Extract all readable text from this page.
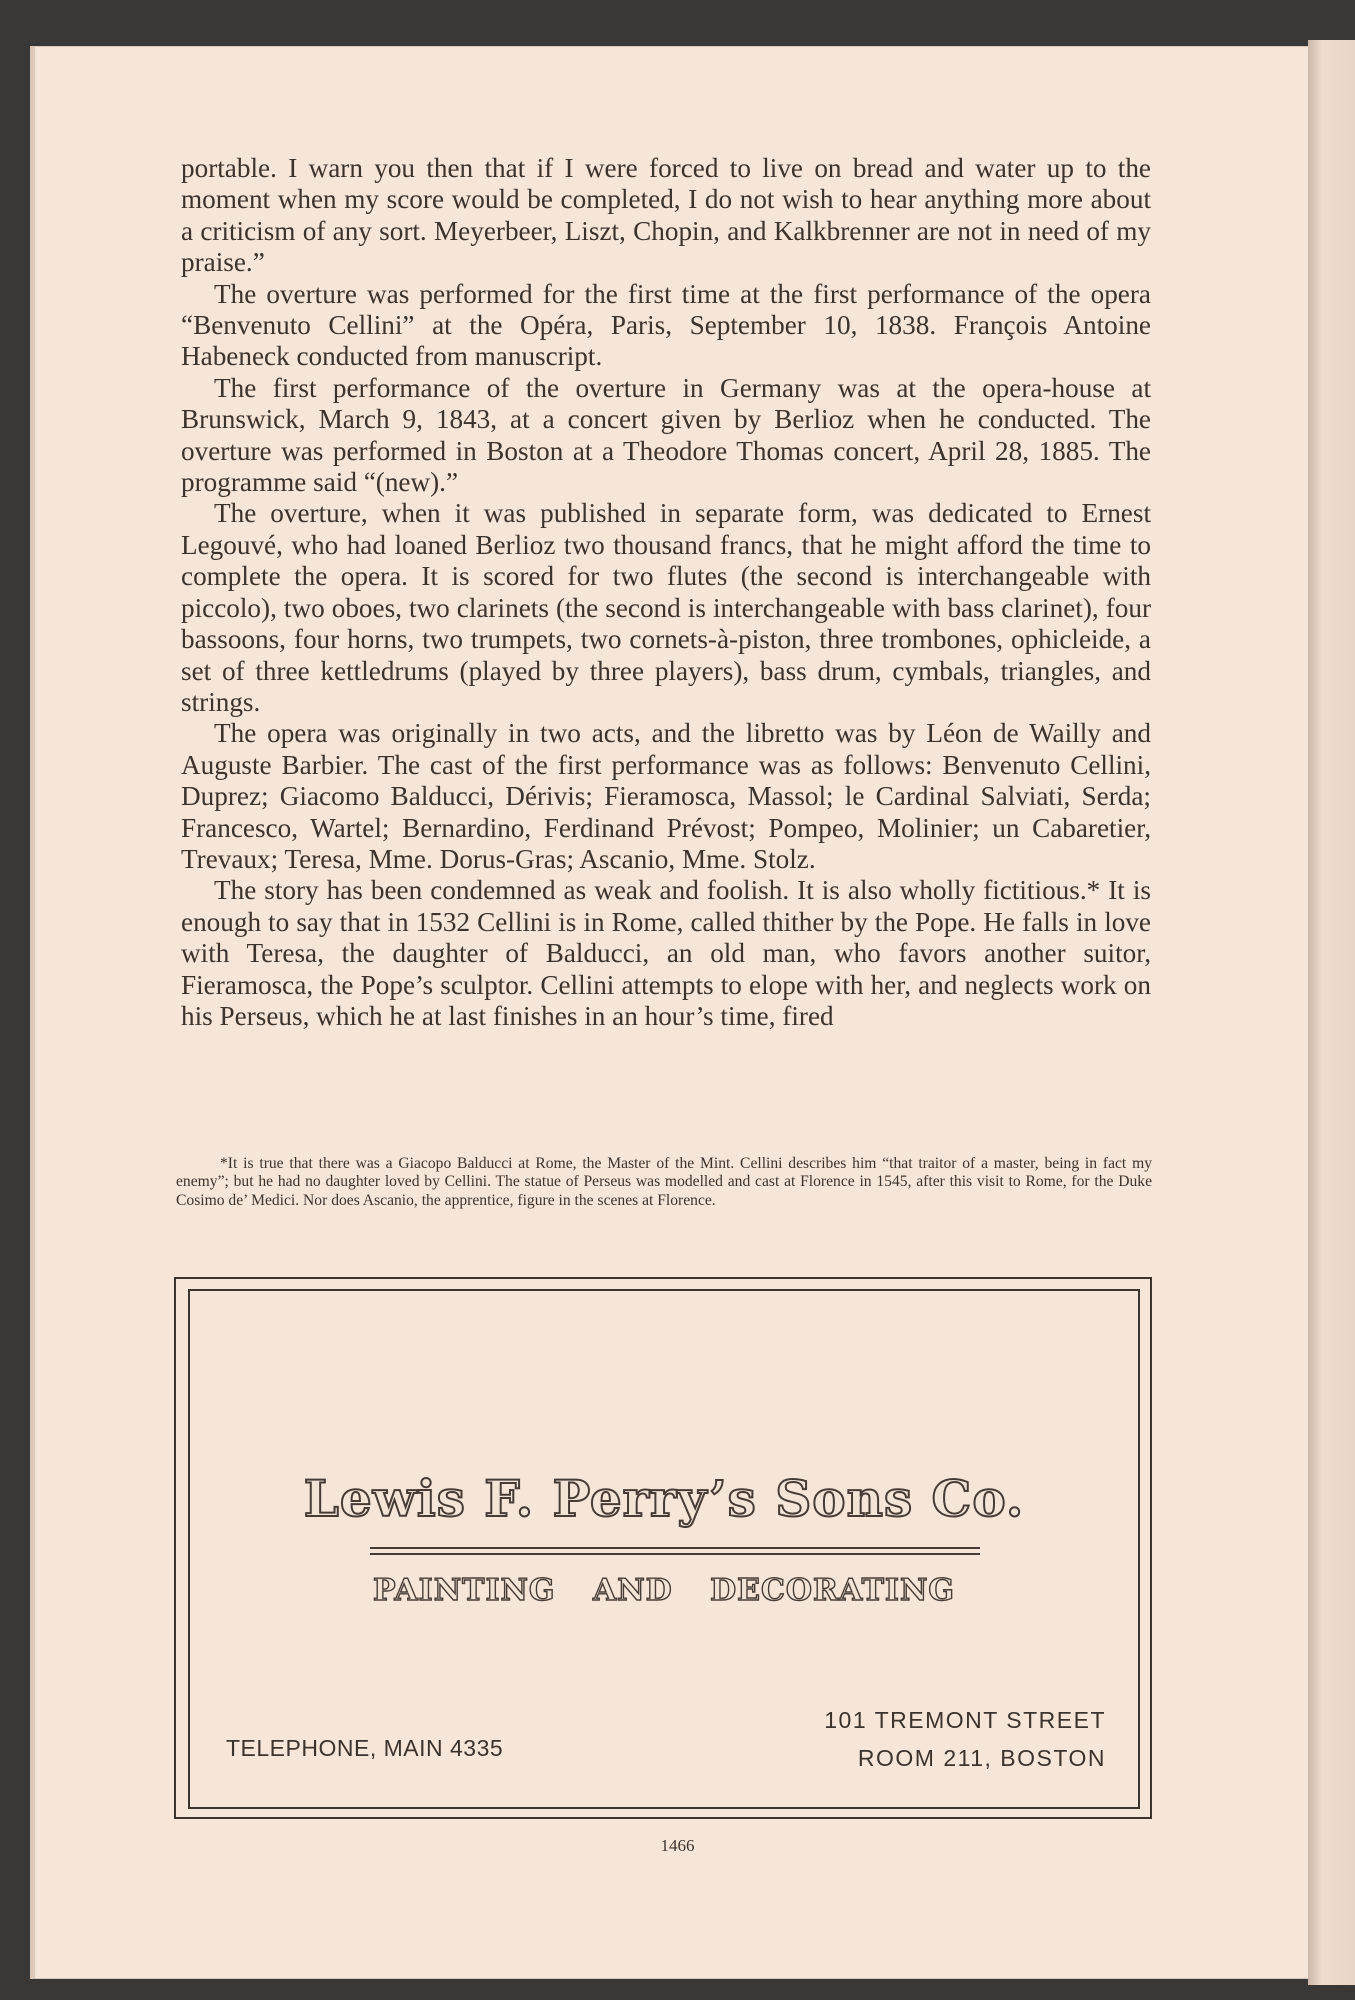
portable. I warn you then that if I were forced to live on bread and water up to the moment when my score would be completed, I do not wish to hear anything more about a criticism of any sort. Meyerbeer, Liszt, Chopin, and Kalkbrenner are not in need of my praise.”

The overture was performed for the first time at the first performance of the opera “Benvenuto Cellini” at the Opéra, Paris, September 10, 1838. François Antoine Habeneck conducted from manuscript.

The first performance of the overture in Germany was at the opera-house at Brunswick, March 9, 1843, at a concert given by Berlioz when he conducted. The overture was performed in Boston at a Theodore Thomas concert, April 28, 1885. The programme said “(new).”

The overture, when it was published in separate form, was dedicated to Ernest Legouvé, who had loaned Berlioz two thousand francs, that he might afford the time to complete the opera. It is scored for two flutes (the second is interchangeable with piccolo), two oboes, two clarinets (the second is interchangeable with bass clarinet), four bassoons, four horns, two trumpets, two cornets-à-piston, three trombones, ophicleide, a set of three kettledrums (played by three players), bass drum, cymbals, triangles, and strings.

The opera was originally in two acts, and the libretto was by Léon de Wailly and Auguste Barbier. The cast of the first performance was as follows: Benvenuto Cellini, Duprez; Giacomo Balducci, Dérivis; Fieramosca, Massol; le Cardinal Salviati, Serda; Francesco, Wartel; Bernardino, Ferdinand Prévost; Pompeo, Molinier; un Cabaretier, Trevaux; Teresa, Mme. Dorus-Gras; Ascanio, Mme. Stolz.

The story has been condemned as weak and foolish. It is also wholly fictitious.* It is enough to say that in 1532 Cellini is in Rome, called thither by the Pope. He falls in love with Teresa, the daughter of Balducci, an old man, who favors another suitor, Fieramosca, the Pope’s sculptor. Cellini attempts to elope with her, and neglects work on his Perseus, which he at last finishes in an hour’s time, fired

*It is true that there was a Giacopo Balducci at Rome, the Master of the Mint. Cellini describes him “that traitor of a master, being in fact my enemy”; but he had no daughter loved by Cellini. The statue of Perseus was modelled and cast at Florence in 1545, after this visit to Rome, for the Duke Cosimo de’ Medici. Nor does Ascanio, the apprentice, figure in the scenes at Florence.

Lewis F. Perry’s Sons Co.
PAINTING AND DECORATING
TELEPHONE, MAIN 4335
101 TREMONT STREET
ROOM 211, BOSTON
1466
